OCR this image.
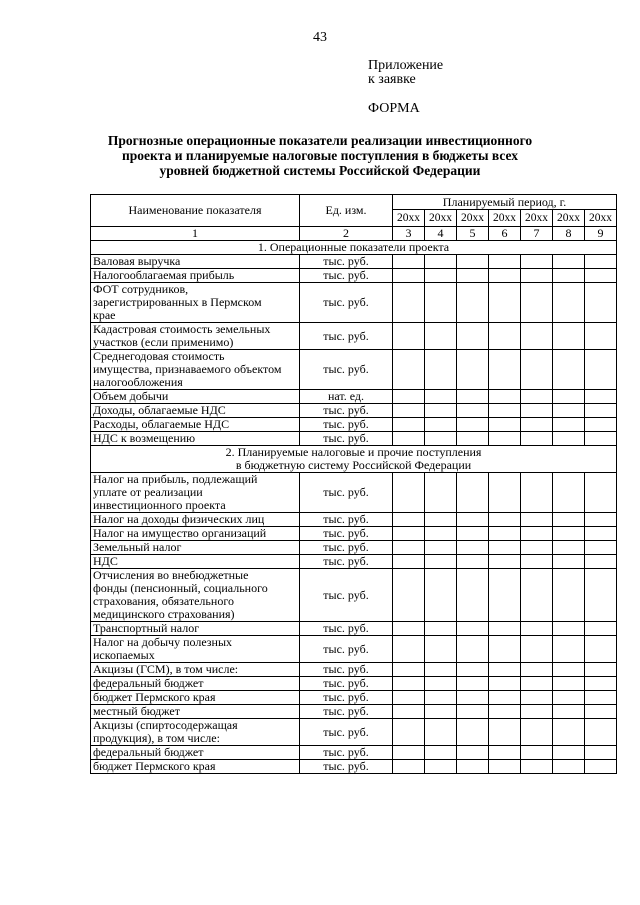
43
Приложение
к заявке
ФОРМА
Прогнозные операционные показатели реализации инвестиционного
проекта и планируемые налоговые поступления в бюджеты всех
уровней бюджетной системы Российской Федерации
Наименование показателя	Ед. изм.	Планируемый период, г.						
		20xx	20xx	20xx	20xx	20xx	20xx	20xx
1	2	3	4	5	6	7	8	9

1. Операционные показатели проекта								

Валовая выручка	тыс. руб.							

Налогооблагаемая прибыль	тыс. руб.							

ФОТ сотрудников,
зарегистрированных в Пермском
крае	тыс. руб.							

Кадастровая стоимость земельных
участков (если применимо)	тыс. руб.							

Среднегодовая стоимость
имущества, признаваемого объектом
налогообложения	тыс. руб.							

Объем добычи	нат. ед.							

Доходы, облагаемые НДС	тыс. руб.							

Расходы, облагаемые НДС	тыс. руб.							

НДС к возмещению	тыс. руб.							

2. Планируемые налоговые и прочие поступления
в бюджетную систему Российской Федерации								

Налог на прибыль, подлежащий
уплате от реализации
инвестиционного проекта	тыс. руб.							

Налог на доходы физических лиц	тыс. руб.							

Налог на имущество организаций	тыс. руб.							

Земельный налог	тыс. руб.							

НДС	тыс. руб.							

Отчисления во внебюджетные
фонды (пенсионный, социального
страхования, обязательного
медицинского страхования)	тыс. руб.							

Транспортный налог	тыс. руб.							

Налог на добычу полезных
ископаемых	тыс. руб.							

Акцизы (ГСМ), в том числе:	тыс. руб.							

федеральный бюджет	тыс. руб.							

бюджет Пермского края	тыс. руб.							

местный бюджет	тыс. руб.							

Акцизы (спиртосодержащая
продукция), в том числе:	тыс. руб.							

федеральный бюджет	тыс. руб.							

бюджет Пермского края	тыс. руб.							
